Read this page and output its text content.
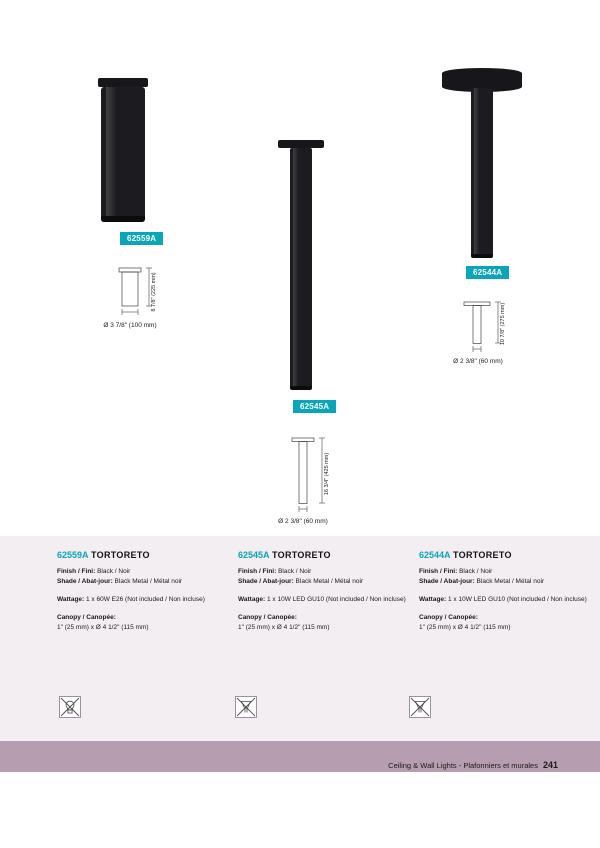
62559A
8 7/8" (225 mm)
Ø 3 7/8" (100 mm)
62545A
16 3/4" (425 mm)
Ø 2 3/8" (60 mm)
62544A
10 7/8" (275 mm)
Ø 2 3/8" (60 mm)
62559A TORTORETO
Finish / Fini: Black / Noir
Shade / Abat-jour: Black Metal / Métal noir
Wattage: 1 x 60W E26 (Not included / Non incluse)
Canopy / Canopée:
1" (25 mm) x Ø 4 1/2" (115 mm)
62545A TORTORETO
Finish / Fini: Black / Noir
Shade / Abat-jour: Black Metal / Métal noir
Wattage: 1 x 10W LED GU10 (Not included / Non incluse)
Canopy / Canopée:
1" (25 mm) x Ø 4 1/2" (115 mm)
62544A TORTORETO
Finish / Fini: Black / Noir
Shade / Abat-jour: Black Metal / Métal noir
Wattage: 1 x 10W LED GU10 (Not included / Non incluse)
Canopy / Canopée:
1" (25 mm) x Ø 4 1/2" (115 mm)
Ceiling & Wall Lights - Plafonniers et murales 241
